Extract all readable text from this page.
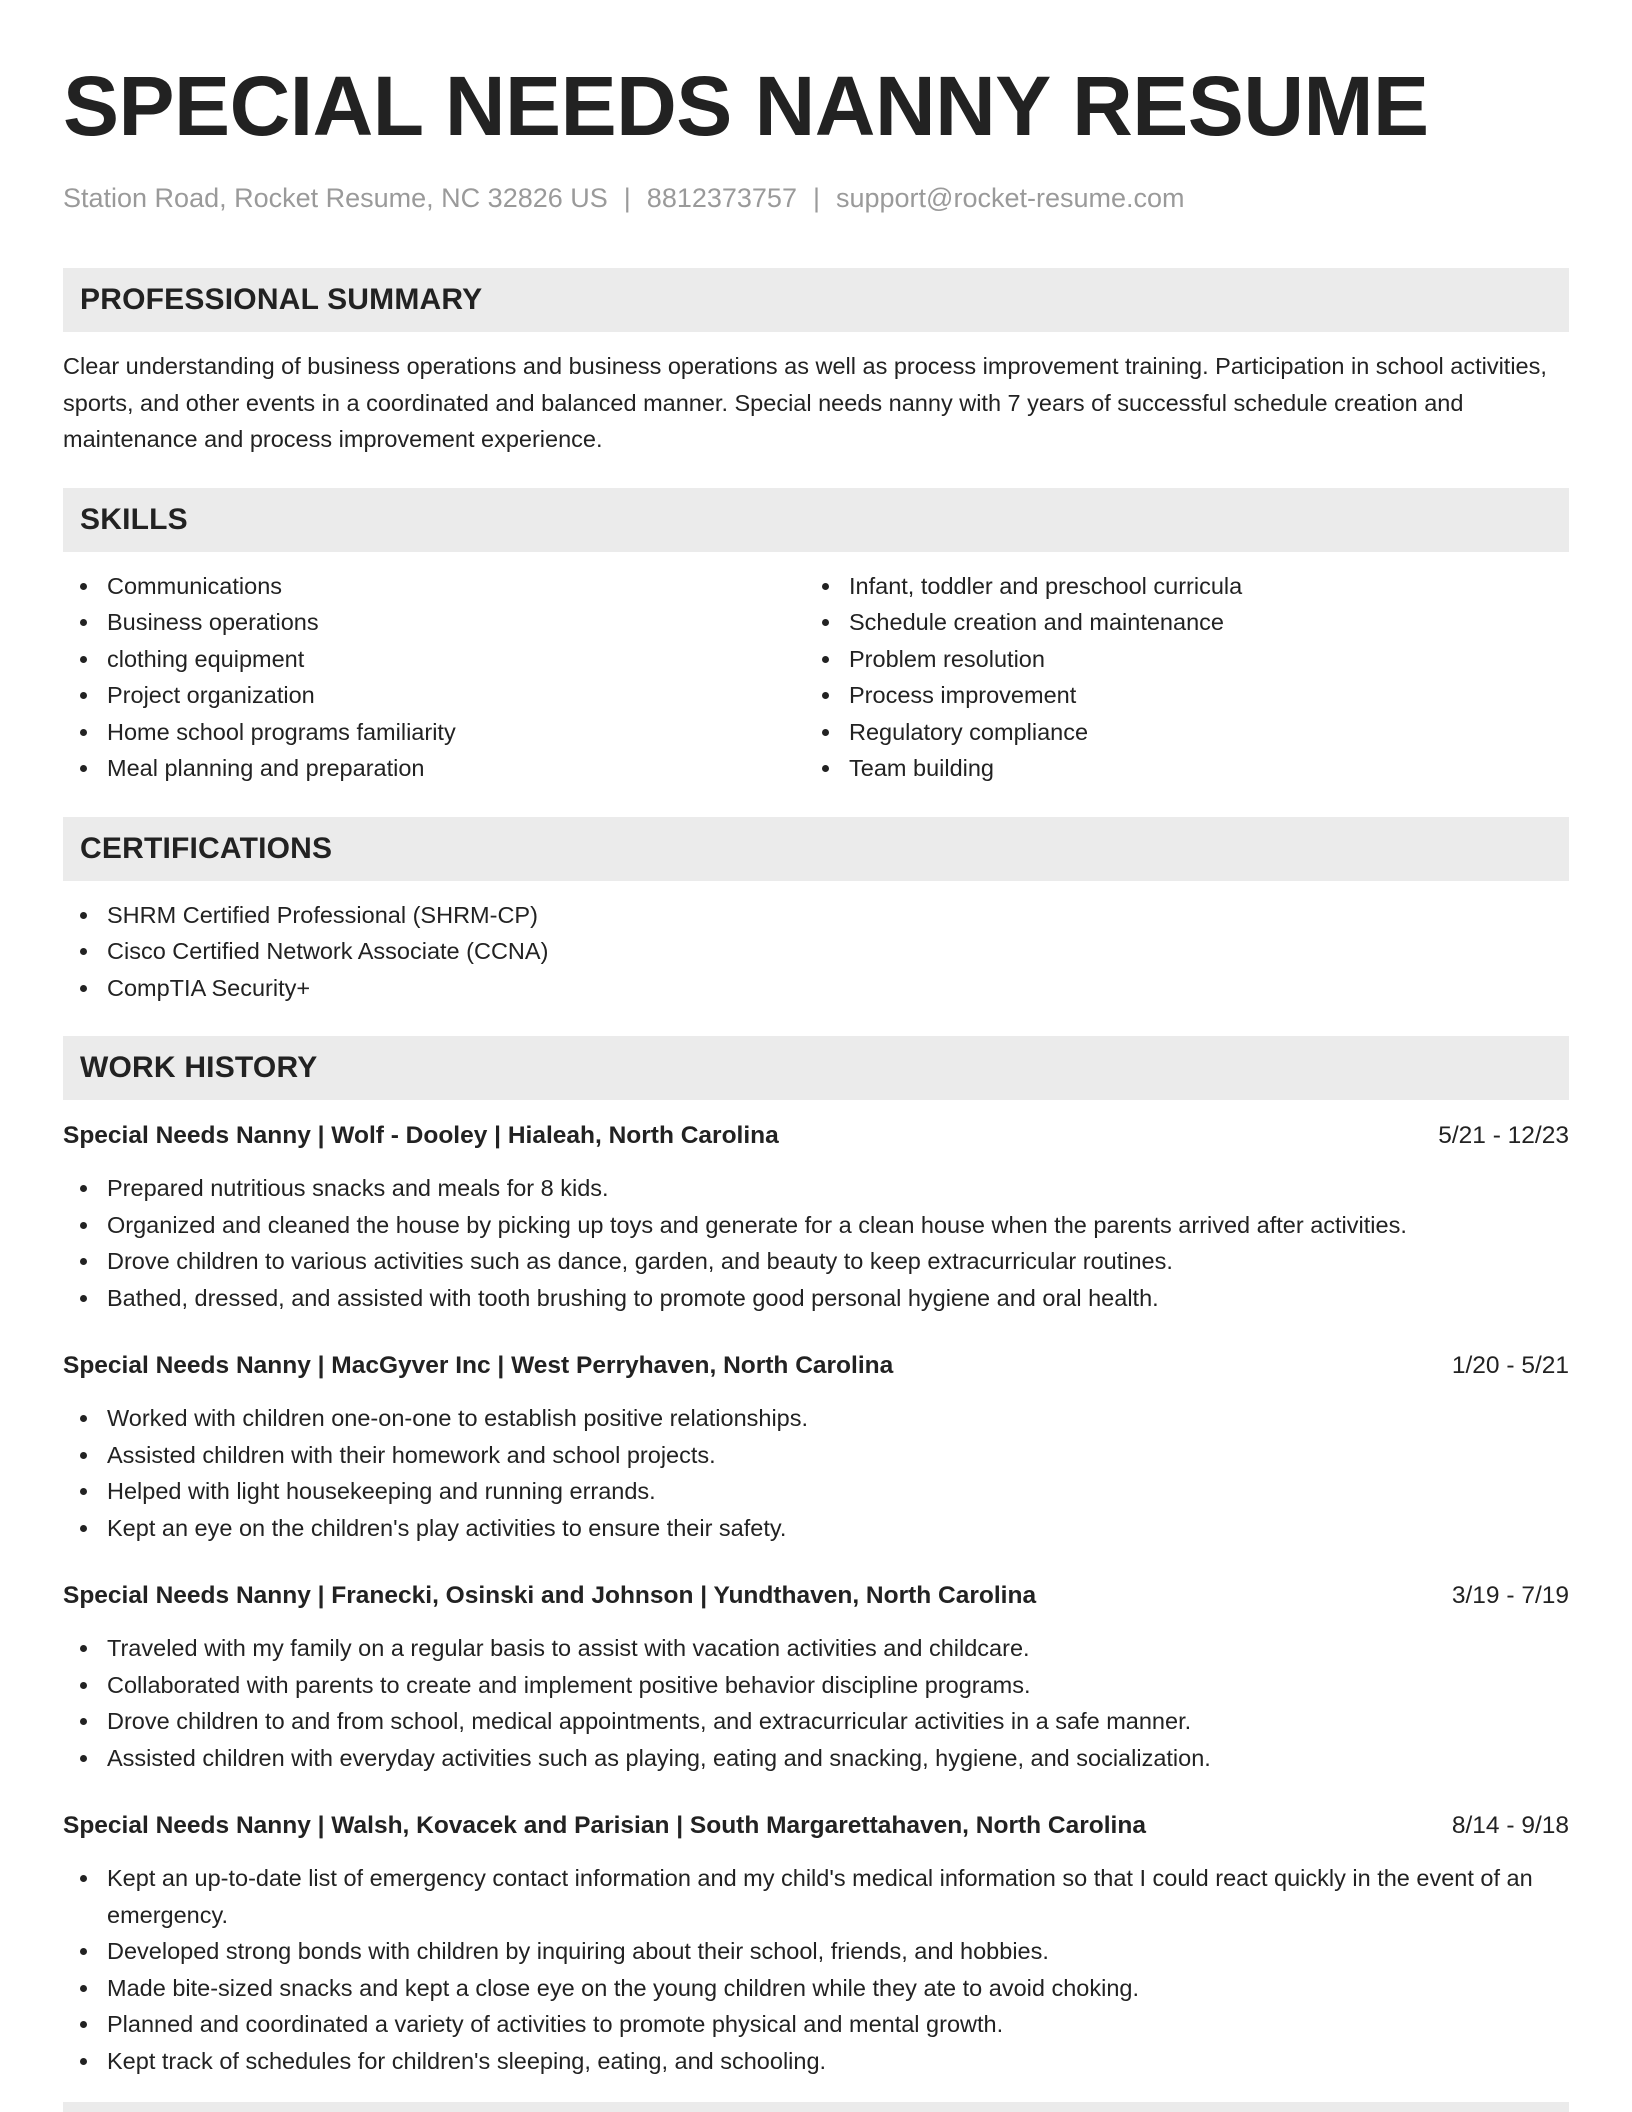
SPECIAL NEEDS NANNY RESUME
Station Road, Rocket Resume, NC 32826 US | 8812373757 | support@rocket-resume.com
PROFESSIONAL SUMMARY

Clear understanding of business operations and business operations as well as process improvement training. Participation in school activities, sports, and other events in a coordinated and balanced manner. Special needs nanny with 7 years of successful schedule creation and maintenance and process improvement experience.

SKILLS
Communications
Business operations
clothing equipment
Project organization
Home school programs familiarity
Meal planning and preparation
Infant, toddler and preschool curricula
Schedule creation and maintenance
Problem resolution
Process improvement
Regulatory compliance
Team building
CERTIFICATIONS
SHRM Certified Professional (SHRM-CP)
Cisco Certified Network Associate (CCNA)
CompTIA Security+
WORK HISTORY
Special Needs Nanny | Wolf - Dooley | Hialeah, North Carolina	5/21 - 12/23
Prepared nutritious snacks and meals for 8 kids.
Organized and cleaned the house by picking up toys and generate for a clean house when the parents arrived after activities.
Drove children to various activities such as dance, garden, and beauty to keep extracurricular routines.
Bathed, dressed, and assisted with tooth brushing to promote good personal hygiene and oral health.
Special Needs Nanny | MacGyver Inc | West Perryhaven, North Carolina	1/20 - 5/21
Worked with children one-on-one to establish positive relationships.
Assisted children with their homework and school projects.
Helped with light housekeeping and running errands.
Kept an eye on the children's play activities to ensure their safety.
Special Needs Nanny | Franecki, Osinski and Johnson | Yundthaven, North Carolina	3/19 - 7/19
Traveled with my family on a regular basis to assist with vacation activities and childcare.
Collaborated with parents to create and implement positive behavior discipline programs.
Drove children to and from school, medical appointments, and extracurricular activities in a safe manner.
Assisted children with everyday activities such as playing, eating and snacking, hygiene, and socialization.
Special Needs Nanny | Walsh, Kovacek and Parisian | South Margarettahaven, North Carolina	8/14 - 9/18
Kept an up-to-date list of emergency contact information and my child's medical information so that I could react quickly in the event of an emergency.
Developed strong bonds with children by inquiring about their school, friends, and hobbies.
Made bite-sized snacks and kept a close eye on the young children while they ate to avoid choking.
Planned and coordinated a variety of activities to promote physical and mental growth.
Kept track of schedules for children's sleeping, eating, and schooling.
